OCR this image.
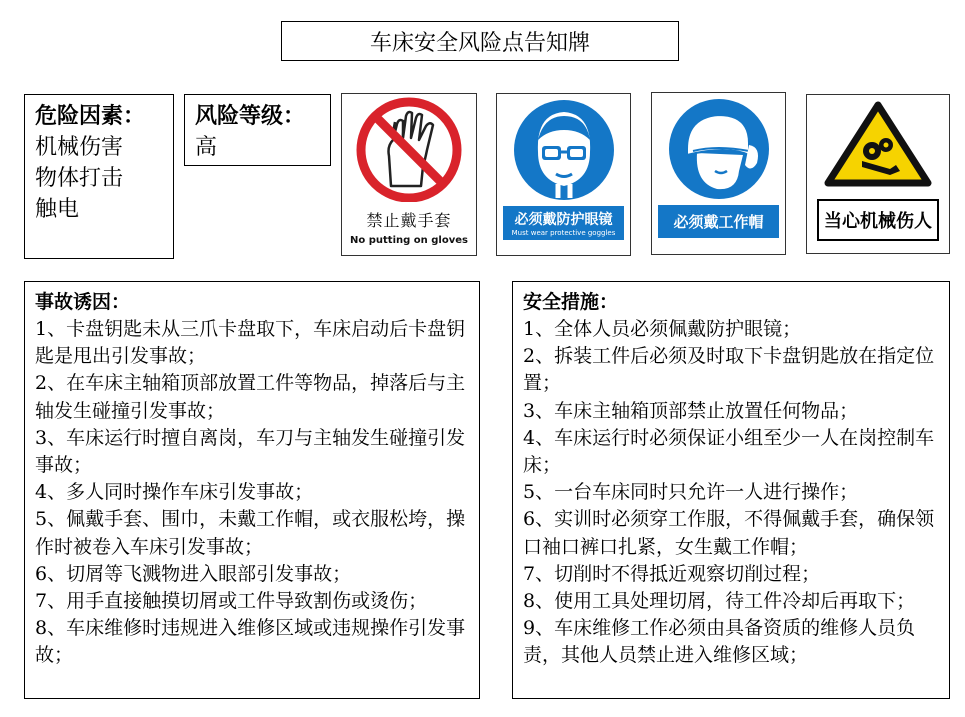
车床安全风险点告知牌
危险因素：
机械伤害
物体打击
触电
风险等级：
高
禁止戴手套
No putting on gloves
必须戴防护眼镜
Must wear protective goggles
必须戴工作帽	当心机械伤人
事故诱因：
1、卡盘钥匙未从三爪卡盘取下，车床启动后卡盘钥匙是甩出引发事故；
2、在车床主轴箱顶部放置工件等物品，掉落后与主轴发生碰撞引发事故；
3、车床运行时擅自离岗，车刀与主轴发生碰撞引发事故；
4、多人同时操作车床引发事故；
5、佩戴手套、围巾，未戴工作帽，或衣服松垮，操作时被卷入车床引发事故；
6、切屑等飞溅物进入眼部引发事故；
7、用手直接触摸切屑或工件导致割伤或烫伤；
8、车床维修时违规进入维修区域或违规操作引发事故；
安全措施：
1、全体人员必须佩戴防护眼镜；
2、拆装工件后必须及时取下卡盘钥匙放在指定位置；
3、车床主轴箱顶部禁止放置任何物品；
4、车床运行时必须保证小组至少一人在岗控制车床；
5、一台车床同时只允许一人进行操作；
6、实训时必须穿工作服，不得佩戴手套，确保领口袖口裤口扎紧，女生戴工作帽；
7、切削时不得抵近观察切削过程；
8、使用工具处理切屑，待工件冷却后再取下；
9、车床维修工作必须由具备资质的维修人员负责，其他人员禁止进入维修区域；
